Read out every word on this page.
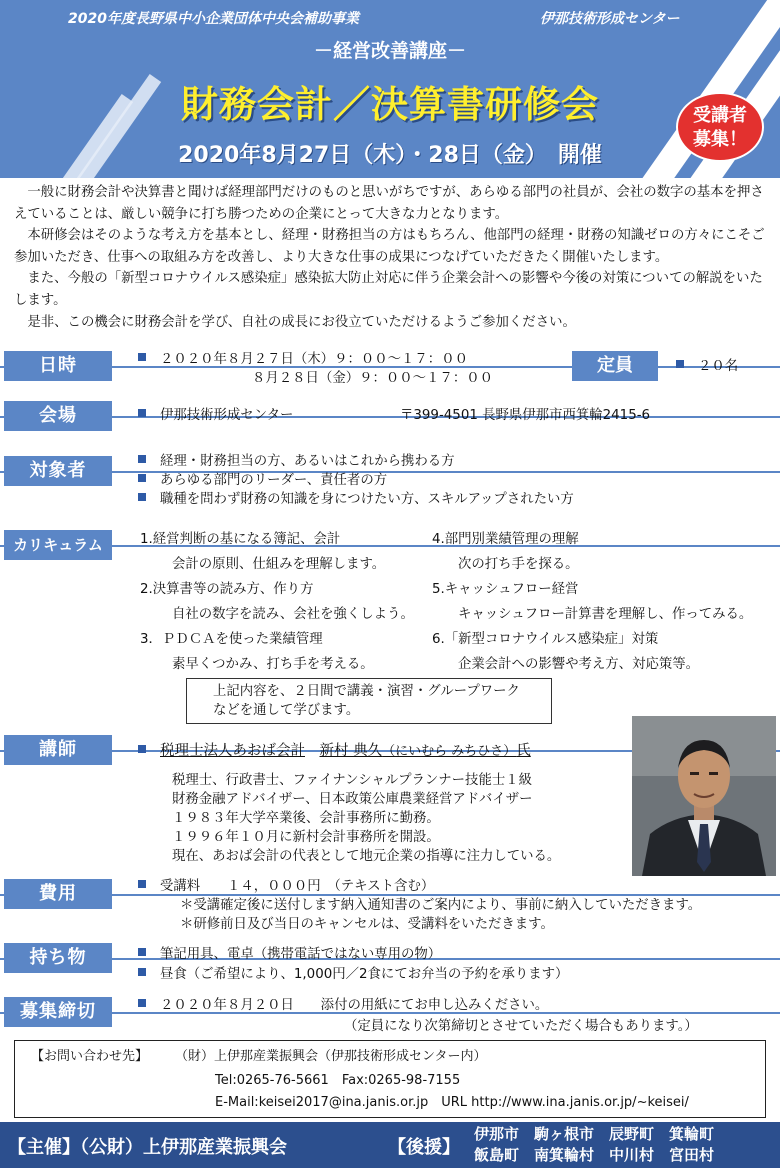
2020年度長野県中小企業団体中央会補助事業	伊那技術形成センター
－経営改善講座－
財務会計／決算書研修会
2020年8月27日（木）・28日（金）　開催
受講者
募集！

一般に財務会計や決算書と聞けば経理部門だけのものと思いがちですが、あらゆる部門の社員が、会社の数字の基本を押さえていることは、厳しい競争に打ち勝つための企業にとって大きな力となります。

本研修会はそのような考え方を基本とし、経理・財務担当の方はもちろん、他部門の経理・財務の知識ゼロの方々にこそご参加いただき、仕事への取組み方を改善し、より大きな仕事の成果につなげていただきたく開催いたします。

また、今般の「新型コロナウイルス感染症」感染拡大防止対応に伴う企業会計への影響や今後の対策についての解説をいたします。

是非、この機会に財務会計を学び、自社の成長にお役立ていただけるようご参加ください。

日時	２０２０年８月２７日（木）９：００～１７：００
８月２８日（金）９：００～１７：００
定員	２０名
会場	伊那技術形成センター	〒399-4501 長野県伊那市西箕輪2415-6
対象者	経理・財務担当の方、あるいはこれから携わる方
あらゆる部門のリーダー、責任者の方
職種を問わず財務の知識を身につけたい方、スキルアップされたい方
カリキュラム	1.経営判断の基になる簿記、会計
会計の原則、仕組みを理解します。
2.決算書等の読み方、作り方
自社の数字を読み、会社を強くしよう。
3．ＰＤＣＡを使った業績管理
素早くつかみ、打ち手を考える。
4.部門別業績管理の理解
次の打ち手を探る。
5.キャッシュフロー経営
キャッシュフロー計算書を理解し、作ってみる。
6.「新型コロナウイルス感染症」対策
企業会計への影響や考え方、対応策等。
上記内容を、２日間で講義・演習・グループワーク
などを通して学びます。
講師	税理士法人あおば会計　 新村 典久（にいむら みちひさ）氏
税理士、行政書士、ファイナンシャルプランナー技能士１級
財務金融アドバイザー、日本政策公庫農業経営アドバイザー
１９８３年大学卒業後、会計事務所に勤務。
１９９６年１０月に新村会計事務所を開設。
現在、あおば会計の代表として地元企業の指導に注力している。
費用	受講料　　１４，０００円　（テキスト含む）
＊受講確定後に送付します納入通知書のご案内により、事前に納入していただきます。
＊研修前日及び当日のキャンセルは、受講料をいただきます。
持ち物	筆記用具、電卓（携帯電話ではない専用の物）
昼食（ご希望により、1,000円／2食にてお弁当の予約を承ります）
募集締切	２０２０年８月２０日　　添付の用紙にてお申し込みください。
（定員になり次第締切とさせていただく場合もあります。）
【お問い合わせ先】 （財）上伊那産業振興会（伊那技術形成センター内）
Tel:0265-76-5661　Fax:0265-98-7155
E-Mail:keisei2017@ina.janis.or.jp　URL http://www.ina.janis.or.jp/~keisei/
【主催】（公財）上伊那産業振興会	【後援】
伊那市　駒ヶ根市　辰野町　箕輪町
飯島町　南箕輪村　中川村　宮田村
